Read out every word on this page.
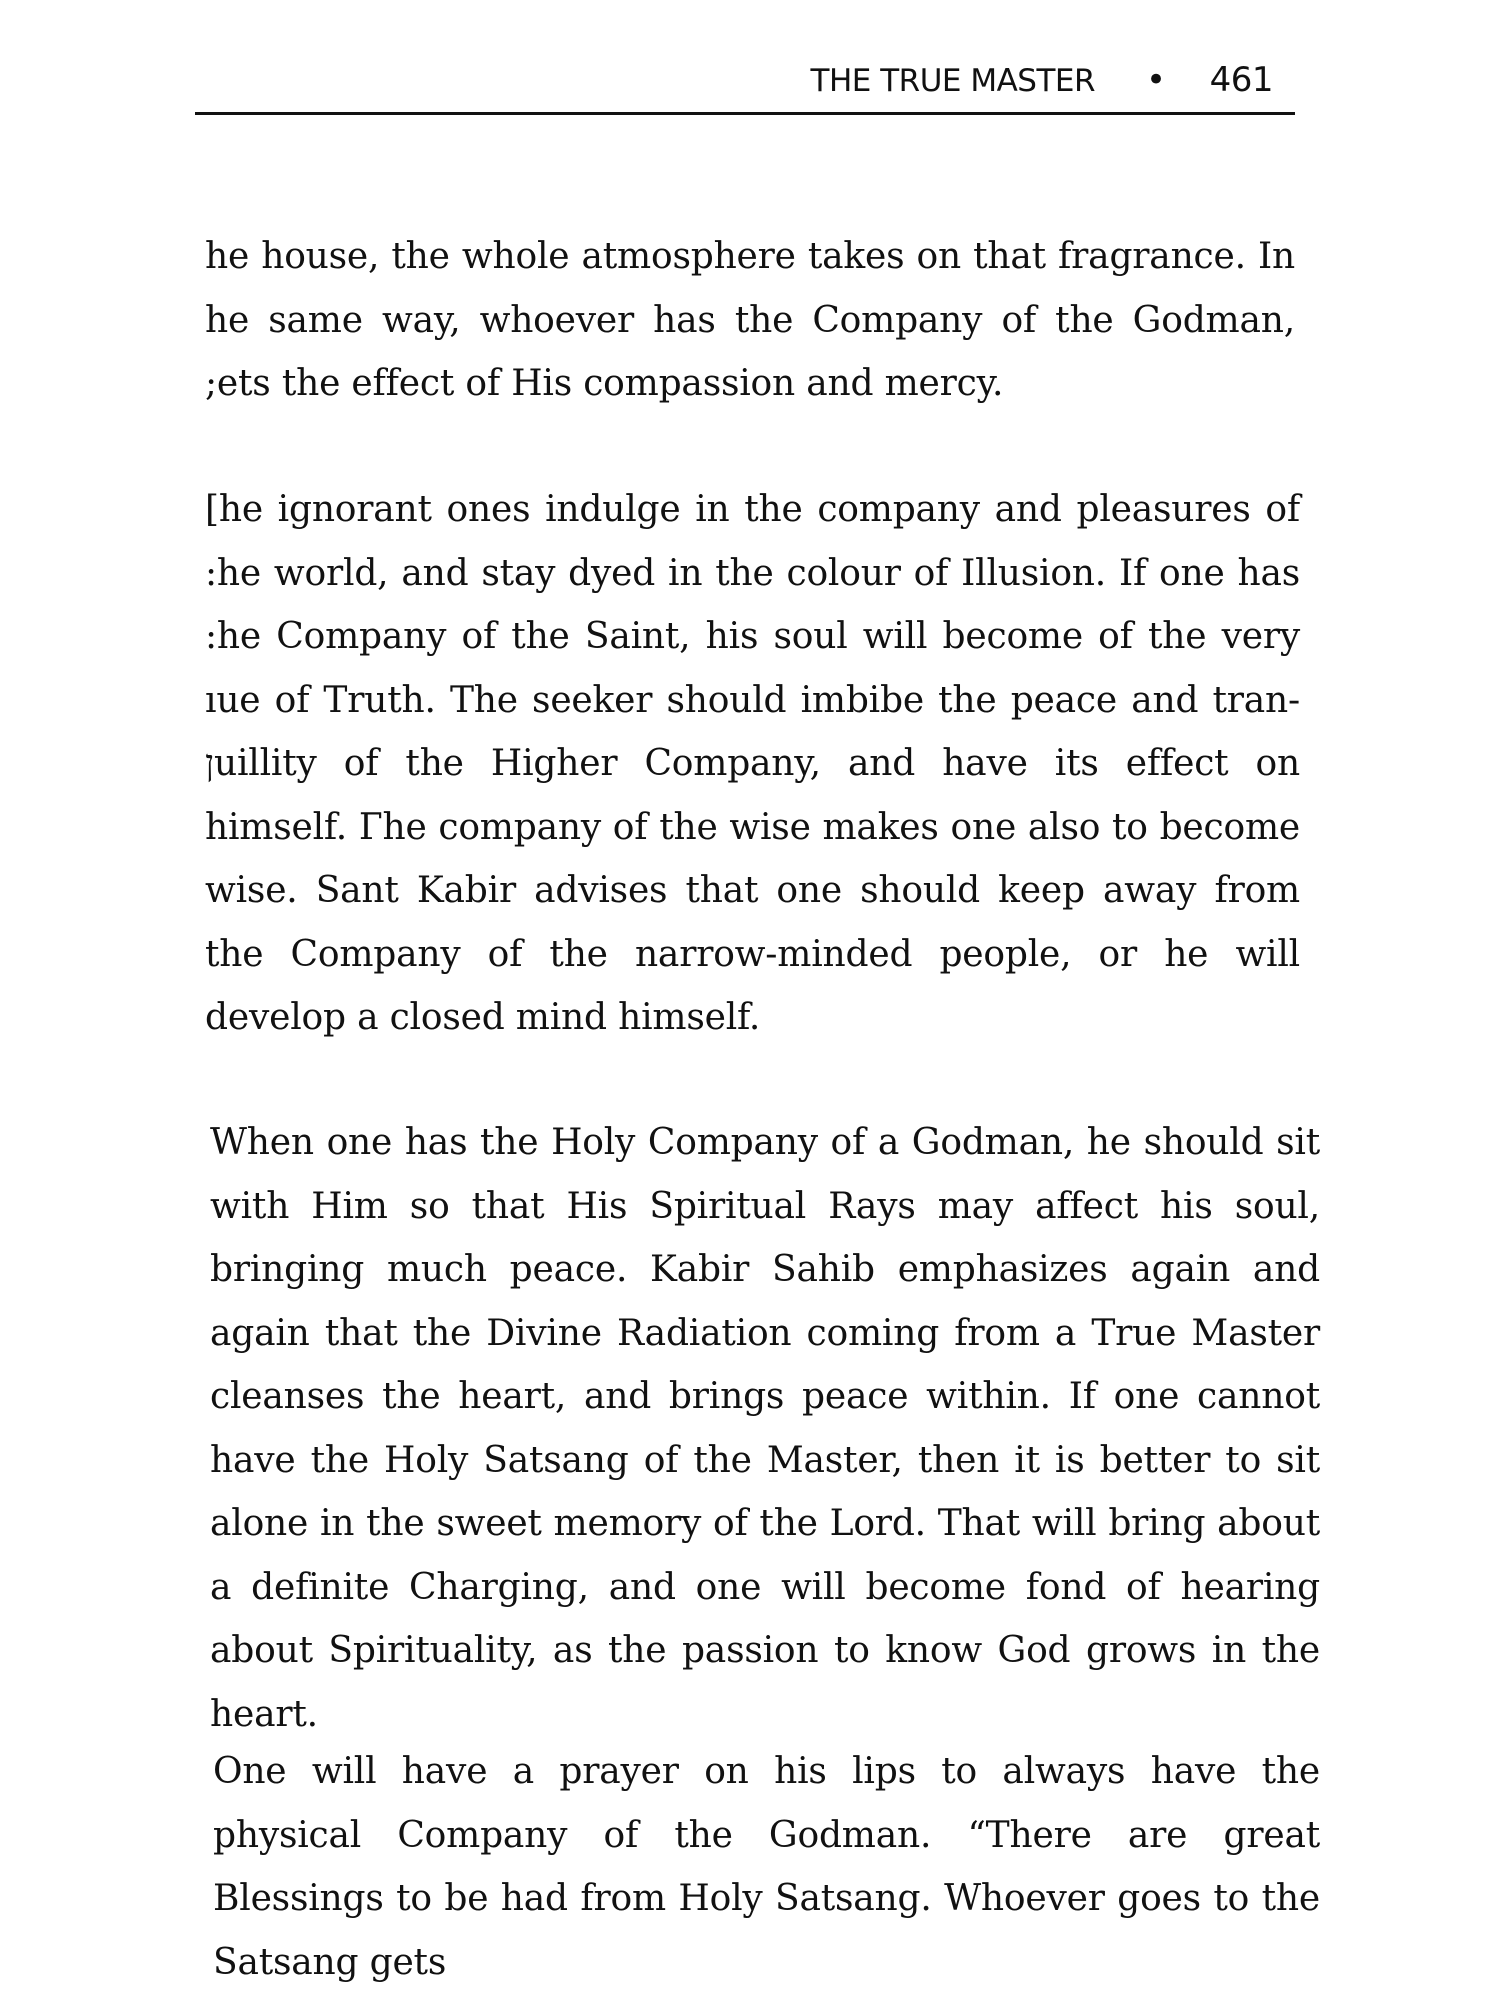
THE TRUE MASTER • 461

he house, the whole atmosphere takes on that fragrance. In he same way, whoever has the Company of the Godman, ;ets the effect of His compassion and mercy.

[he ignorant ones indulge in the company and pleasures of :he world, and stay dyed in the colour of Illusion. If one has :he Company of the Saint, his soul will become of the very ıue of Truth. The seeker should imbibe the peace and tran- ןuillity of the Higher Company, and have its effect on himself. Гhe company of the wise makes one also to become wise. Sant Kabir advises that one should keep away from the Company of the narrow-minded people, or he will develop a closed mind himself.

When one has the Holy Company of a Godman, he should sit with Him so that His Spiritual Rays may affect his soul, bringing much peace. Kabir Sahib emphasizes again and again that the Divine Radiation coming from a True Master cleanses the heart, and brings peace within. If one cannot have the Holy Satsang of the Master, then it is better to sit alone in the sweet memory of the Lord. That will bring about a definite Charging, and one will become fond of hearing about Spirituality, as the passion to know God grows in the heart.

One will have a prayer on his lips to always have the physical Company of the Godman. “There are great Blessings to be had from Holy Satsang. Whoever goes to the Satsang gets
